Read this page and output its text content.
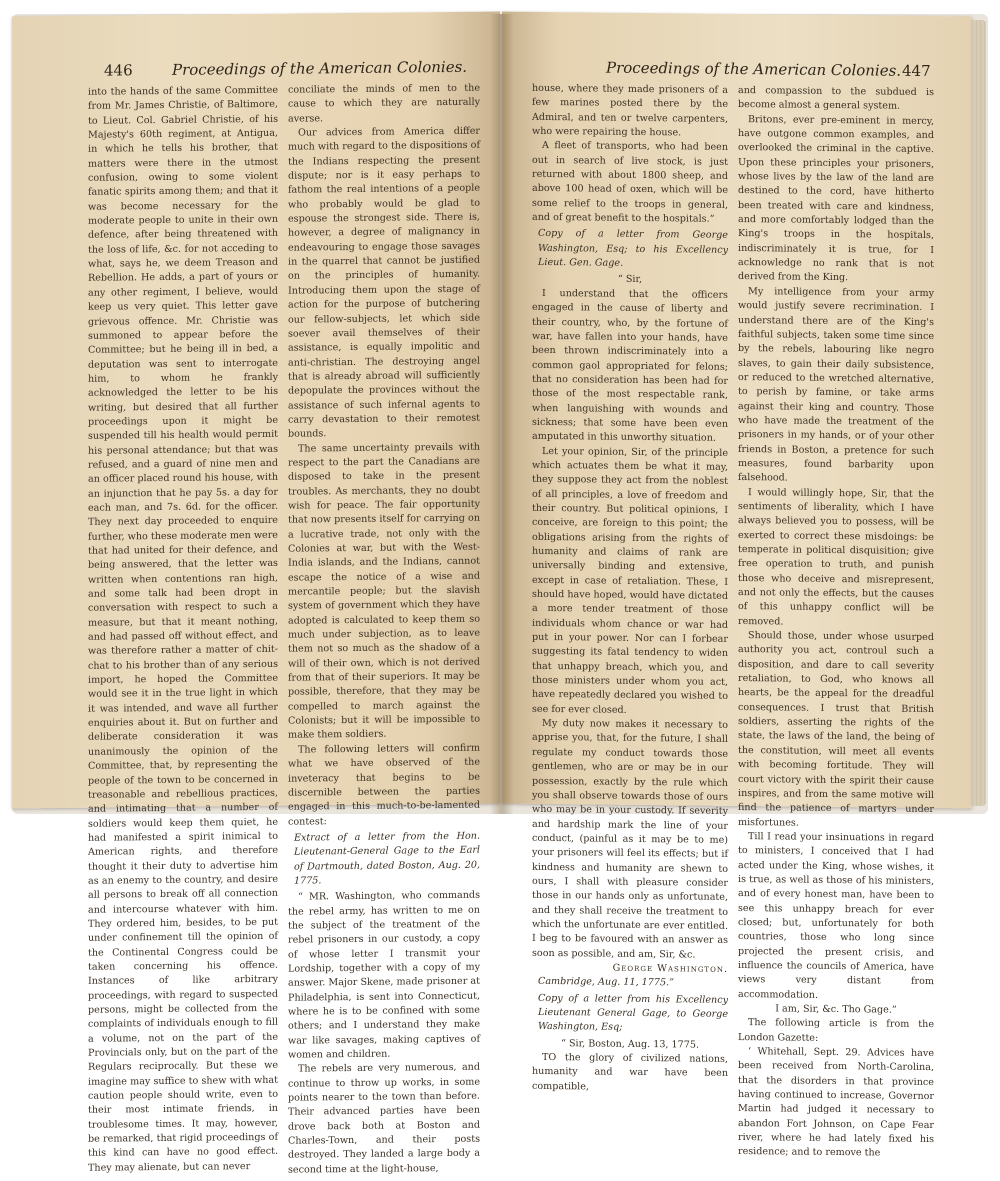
446	Proceedings of the American Colonies.

into the hands of the same Committee from Mr. James Christie, of Baltimore, to Lieut. Col. Gabriel Christie, of his Majesty's 60th regiment, at Antigua, in which he tells his brother, that matters were there in the utmost confusion, owing to some violent fanatic spirits among them; and that it was become necessary for the moderate people to unite in their own defence, after being threatened with the loss of life, &c. for not acceding to what, says he, we deem Treason and Rebellion. He adds, a part of yours or any other regiment, I believe, would keep us very quiet. This letter gave grievous offence. Mr. Christie was summoned to appear before the Committee; but he being ill in bed, a deputation was sent to interrogate him, to whom he frankly acknowledged the letter to be his writing, but desired that all further proceedings upon it might be suspended till his health would permit his personal attendance; but that was refused, and a guard of nine men and an officer placed round his house, with an injunction that he pay 5s. a day for each man, and 7s. 6d. for the officer. They next day proceeded to enquire further, who these moderate men were that had united for their defence, and being answered, that the letter was written when contentions ran high, and some talk had been dropt in conversation with respect to such a measure, but that it meant nothing, and had passed off without effect, and was therefore rather a matter of chit-chat to his brother than of any serious import, he hoped the Committee would see it in the true light in which it was intended, and wave all further enquiries about it. But on further and deliberate consideration it was unanimously the opinion of the Committee, that, by representing the people of the town to be concerned in treasonable and rebellious practices, and intimating that a number of soldiers would keep them quiet, he had manifested a spirit inimical to American rights, and therefore thought it their duty to advertise him as an enemy to the country, and desire all persons to break off all connection and intercourse whatever with him. They ordered him, besides, to be put under confinement till the opinion of the Continental Congress could be taken concerning his offence. Instances of like arbitrary proceedings, with regard to suspected persons, might be collected from the complaints of individuals enough to fill a volume, not on the part of the Provincials only, but on the part of the Regulars reciprocally. But these we imagine may suffice to shew with what caution people should write, even to their most intimate friends, in troublesome times. It may, however, be remarked, that rigid proceedings of this kind can have no good effect. They may alienate, but can never

conciliate the minds of men to the cause to which they are naturally averse.

Our advices from America differ much with regard to the dispositions of the Indians respecting the present dispute; nor is it easy perhaps to fathom the real intentions of a people who probably would be glad to espouse the strongest side. There is, however, a degree of malignancy in endeavouring to engage those savages in the quarrel that cannot be justified on the principles of humanity. Introducing them upon the stage of action for the purpose of butchering our fellow-subjects, let which side soever avail themselves of their assistance, is equally impolitic and anti-christian. The destroying angel that is already abroad will sufficiently depopulate the provinces without the assistance of such infernal agents to carry devastation to their remotest bounds.

The same uncertainty prevails with respect to the part the Canadians are disposed to take in the present troubles. As merchants, they no doubt wish for peace. The fair opportunity that now presents itself for carrying on a lucrative trade, not only with the Colonies at war, but with the West-India islands, and the Indians, cannot escape the notice of a wise and mercantile people; but the slavish system of government which they have adopted is calculated to keep them so much under subjection, as to leave them not so much as the shadow of a will of their own, which is not derived from that of their superiors. It may be possible, therefore, that they may be compelled to march against the Colonists; but it will be impossible to make them soldiers.

The following letters will confirm what we have observed of the inveteracy that begins to be discernible between the parties engaged in this much-to-be-lamented contest:

Extract of a letter from the Hon. Lieutenant-General Gage to the Earl of Dartmouth, dated Boston, Aug. 20, 1775.

“ MR. Washington, who commands the rebel army, has written to me on the subject of the treatment of the rebel prisoners in our custody, a copy of whose letter I transmit your Lordship, together with a copy of my answer. Major Skene, made prisoner at Philadelphia, is sent into Connecticut, where he is to be confined with some others; and I understand they make war like savages, making captives of women and children.

The rebels are very numerous, and continue to throw up works, in some points nearer to the town than before. Their advanced parties have been drove back both at Boston and Charles-Town, and their posts destroyed. They landed a large body a second time at the light-house,

Proceedings of the American Colonies. 447

house, where they made prisoners of a few marines posted there by the Admiral, and ten or twelve carpenters, who were repairing the house.

A fleet of transports, who had been out in search of live stock, is just returned with about 1800 sheep, and above 100 head of oxen, which will be some relief to the troops in general, and of great benefit to the hospitals.”

Copy of a letter from George Washington, Esq; to his Excellency Lieut. Gen. Gage.

“ Sir,

I understand that the officers engaged in the cause of liberty and their country, who, by the fortune of war, have fallen into your hands, have been thrown indiscriminately into a common gaol appropriated for felons; that no consideration has been had for those of the most respectable rank, when languishing with wounds and sickness; that some have been even amputated in this unworthy situation.

Let your opinion, Sir, of the principle which actuates them be what it may, they suppose they act from the noblest of all principles, a love of freedom and their country. But political opinions, I conceive, are foreign to this point; the obligations arising from the rights of humanity and claims of rank are universally binding and extensive, except in case of retaliation. These, I should have hoped, would have dictated a more tender treatment of those individuals whom chance or war had put in your power. Nor can I forbear suggesting its fatal tendency to widen that unhappy breach, which you, and those ministers under whom you act, have repeatedly declared you wished to see for ever closed.

My duty now makes it necessary to apprise you, that, for the future, I shall regulate my conduct towards those gentlemen, who are or may be in our possession, exactly by the rule which you shall observe towards those of ours who may be in your custody. If severity and hardship mark the line of your conduct, (painful as it may be to me) your prisoners will feel its effects; but if kindness and humanity are shewn to ours, I shall with pleasure consider those in our hands only as unfortunate, and they shall receive the treatment to which the unfortunate are ever entitled. I beg to be favoured with an answer as soon as possible, and am, Sir, &c.

George Washington.

Cambridge, Aug. 11, 1775.”

Copy of a letter from his Excellency Lieutenant General Gage, to George Washington, Esq;

“ Sir, Boston, Aug. 13, 1775.

TO the glory of civilized nations, humanity and war have been compatible,

and compassion to the subdued is become almost a general system.

Britons, ever pre-eminent in mercy, have outgone common examples, and overlooked the criminal in the captive. Upon these principles your prisoners, whose lives by the law of the land are destined to the cord, have hitherto been treated with care and kindness, and more comfortably lodged than the King's troops in the hospitals, indiscriminately it is true, for I acknowledge no rank that is not derived from the King.

My intelligence from your army would justify severe recrimination. I understand there are of the King's faithful subjects, taken some time since by the rebels, labouring like negro slaves, to gain their daily subsistence, or reduced to the wretched alternative, to perish by famine, or take arms against their king and country. Those who have made the treatment of the prisoners in my hands, or of your other friends in Boston, a pretence for such measures, found barbarity upon falsehood.

I would willingly hope, Sir, that the sentiments of liberality, which I have always believed you to possess, will be exerted to correct these misdoings: be temperate in political disquisition; give free operation to truth, and punish those who deceive and misrepresent, and not only the effects, but the causes of this unhappy conflict will be removed.

Should those, under whose usurped authority you act, controul such a disposition, and dare to call severity retaliation, to God, who knows all hearts, be the appeal for the dreadful consequences. I trust that British soldiers, asserting the rights of the state, the laws of the land, the being of the constitution, will meet all events with becoming fortitude. They will court victory with the spirit their cause inspires, and from the same motive will find the patience of martyrs under misfortunes.

Till I read your insinuations in regard to ministers, I conceived that I had acted under the King, whose wishes, it is true, as well as those of his ministers, and of every honest man, have been to see this unhappy breach for ever closed; but, unfortunately for both countries, those who long since projected the present crisis, and influence the councils of America, have views very distant from accommodation.

I am, Sir, &c. Tho Gage.”

The following article is from the London Gazette:

‘ Whitehall, Sept. 29. Advices have been received from North-Carolina, that the disorders in that province having continued to increase, Governor Martin had judged it necessary to abandon Fort Johnson, on Cape Fear river, where he had lately fixed his residence; and to remove the
